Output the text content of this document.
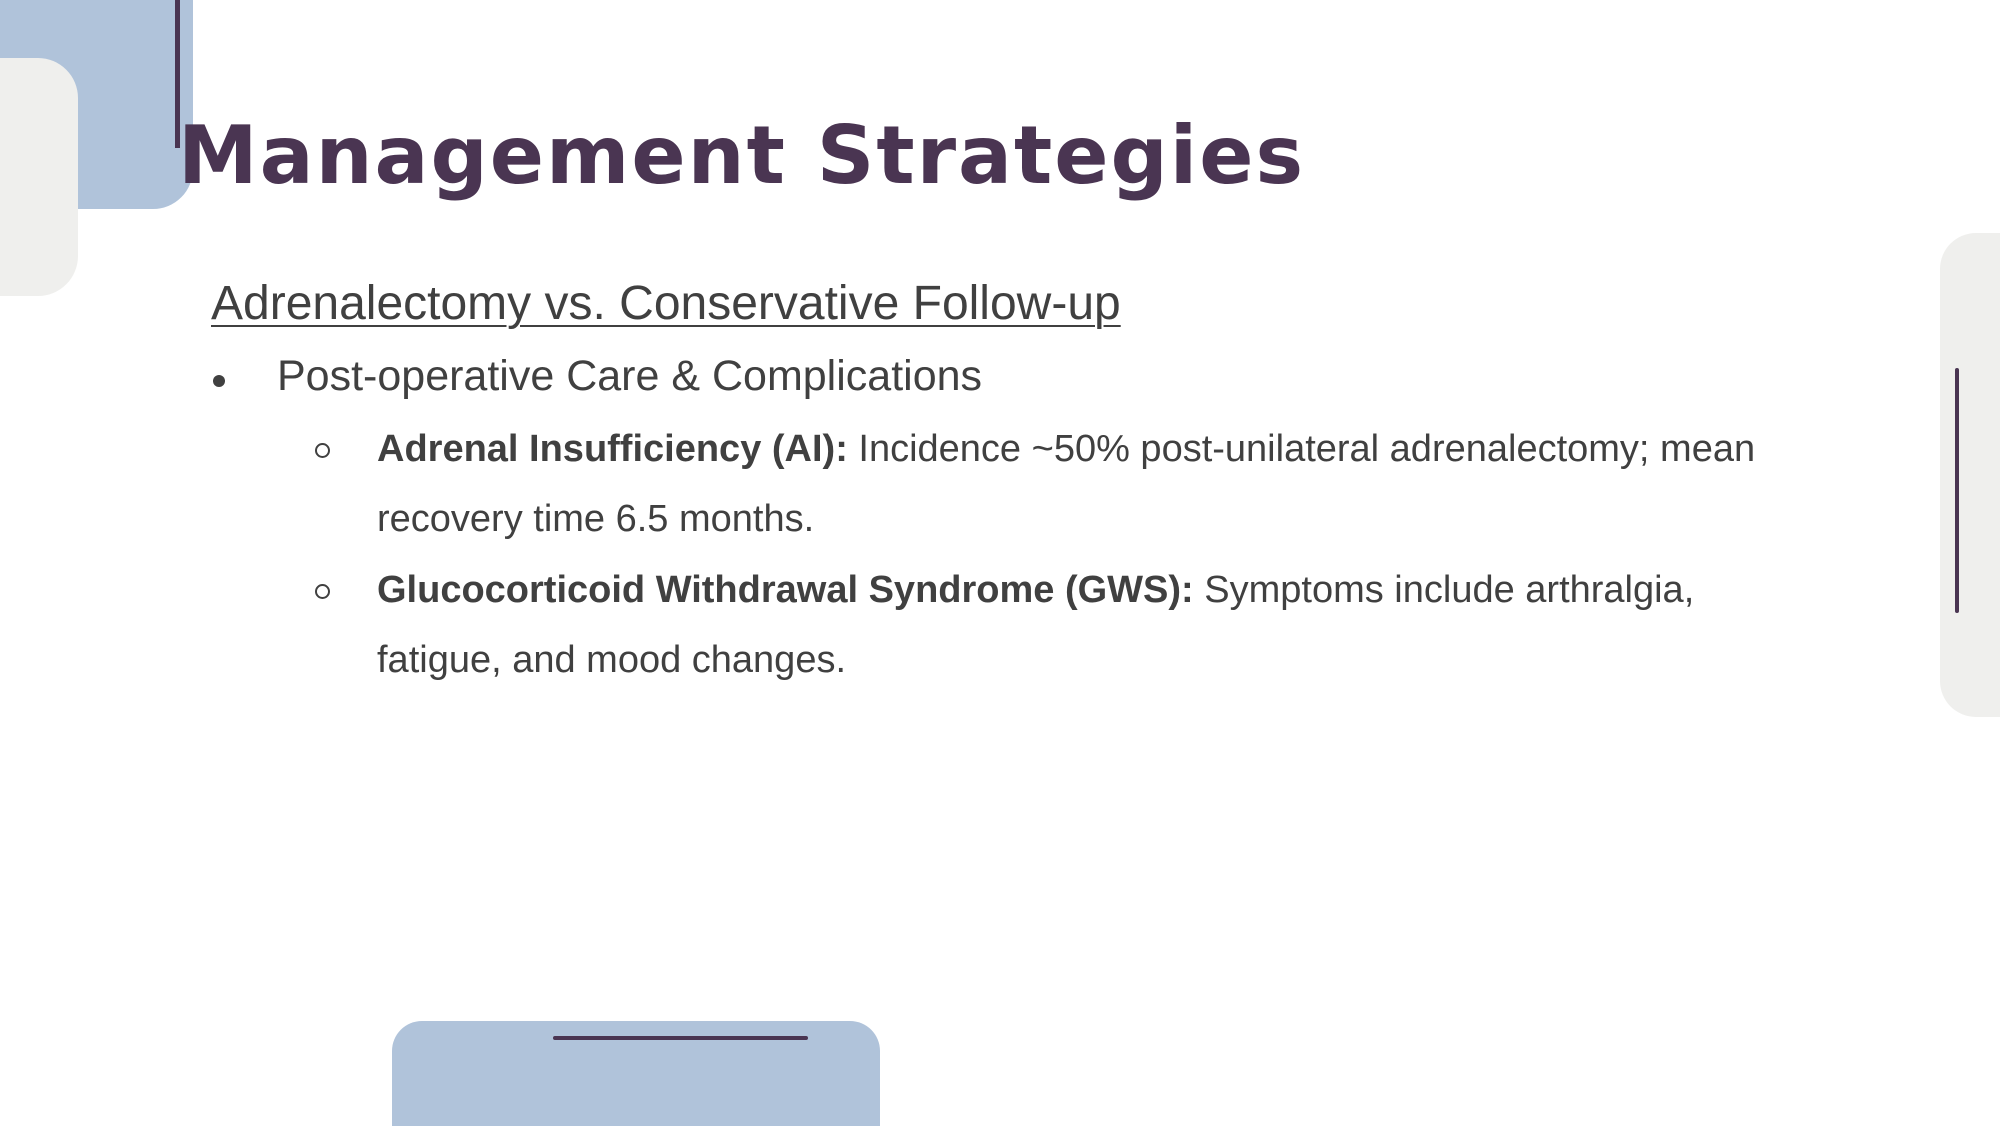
Management Strategies
Adrenalectomy vs. Conservative Follow-up
Post-operative Care & Complications
Adrenal Insufficiency (AI): Incidence ~50% post-unilateral adrenalectomy; mean recovery time 6.5 months.
Glucocorticoid Withdrawal Syndrome (GWS): Symptoms include arthralgia, fatigue, and mood changes.
